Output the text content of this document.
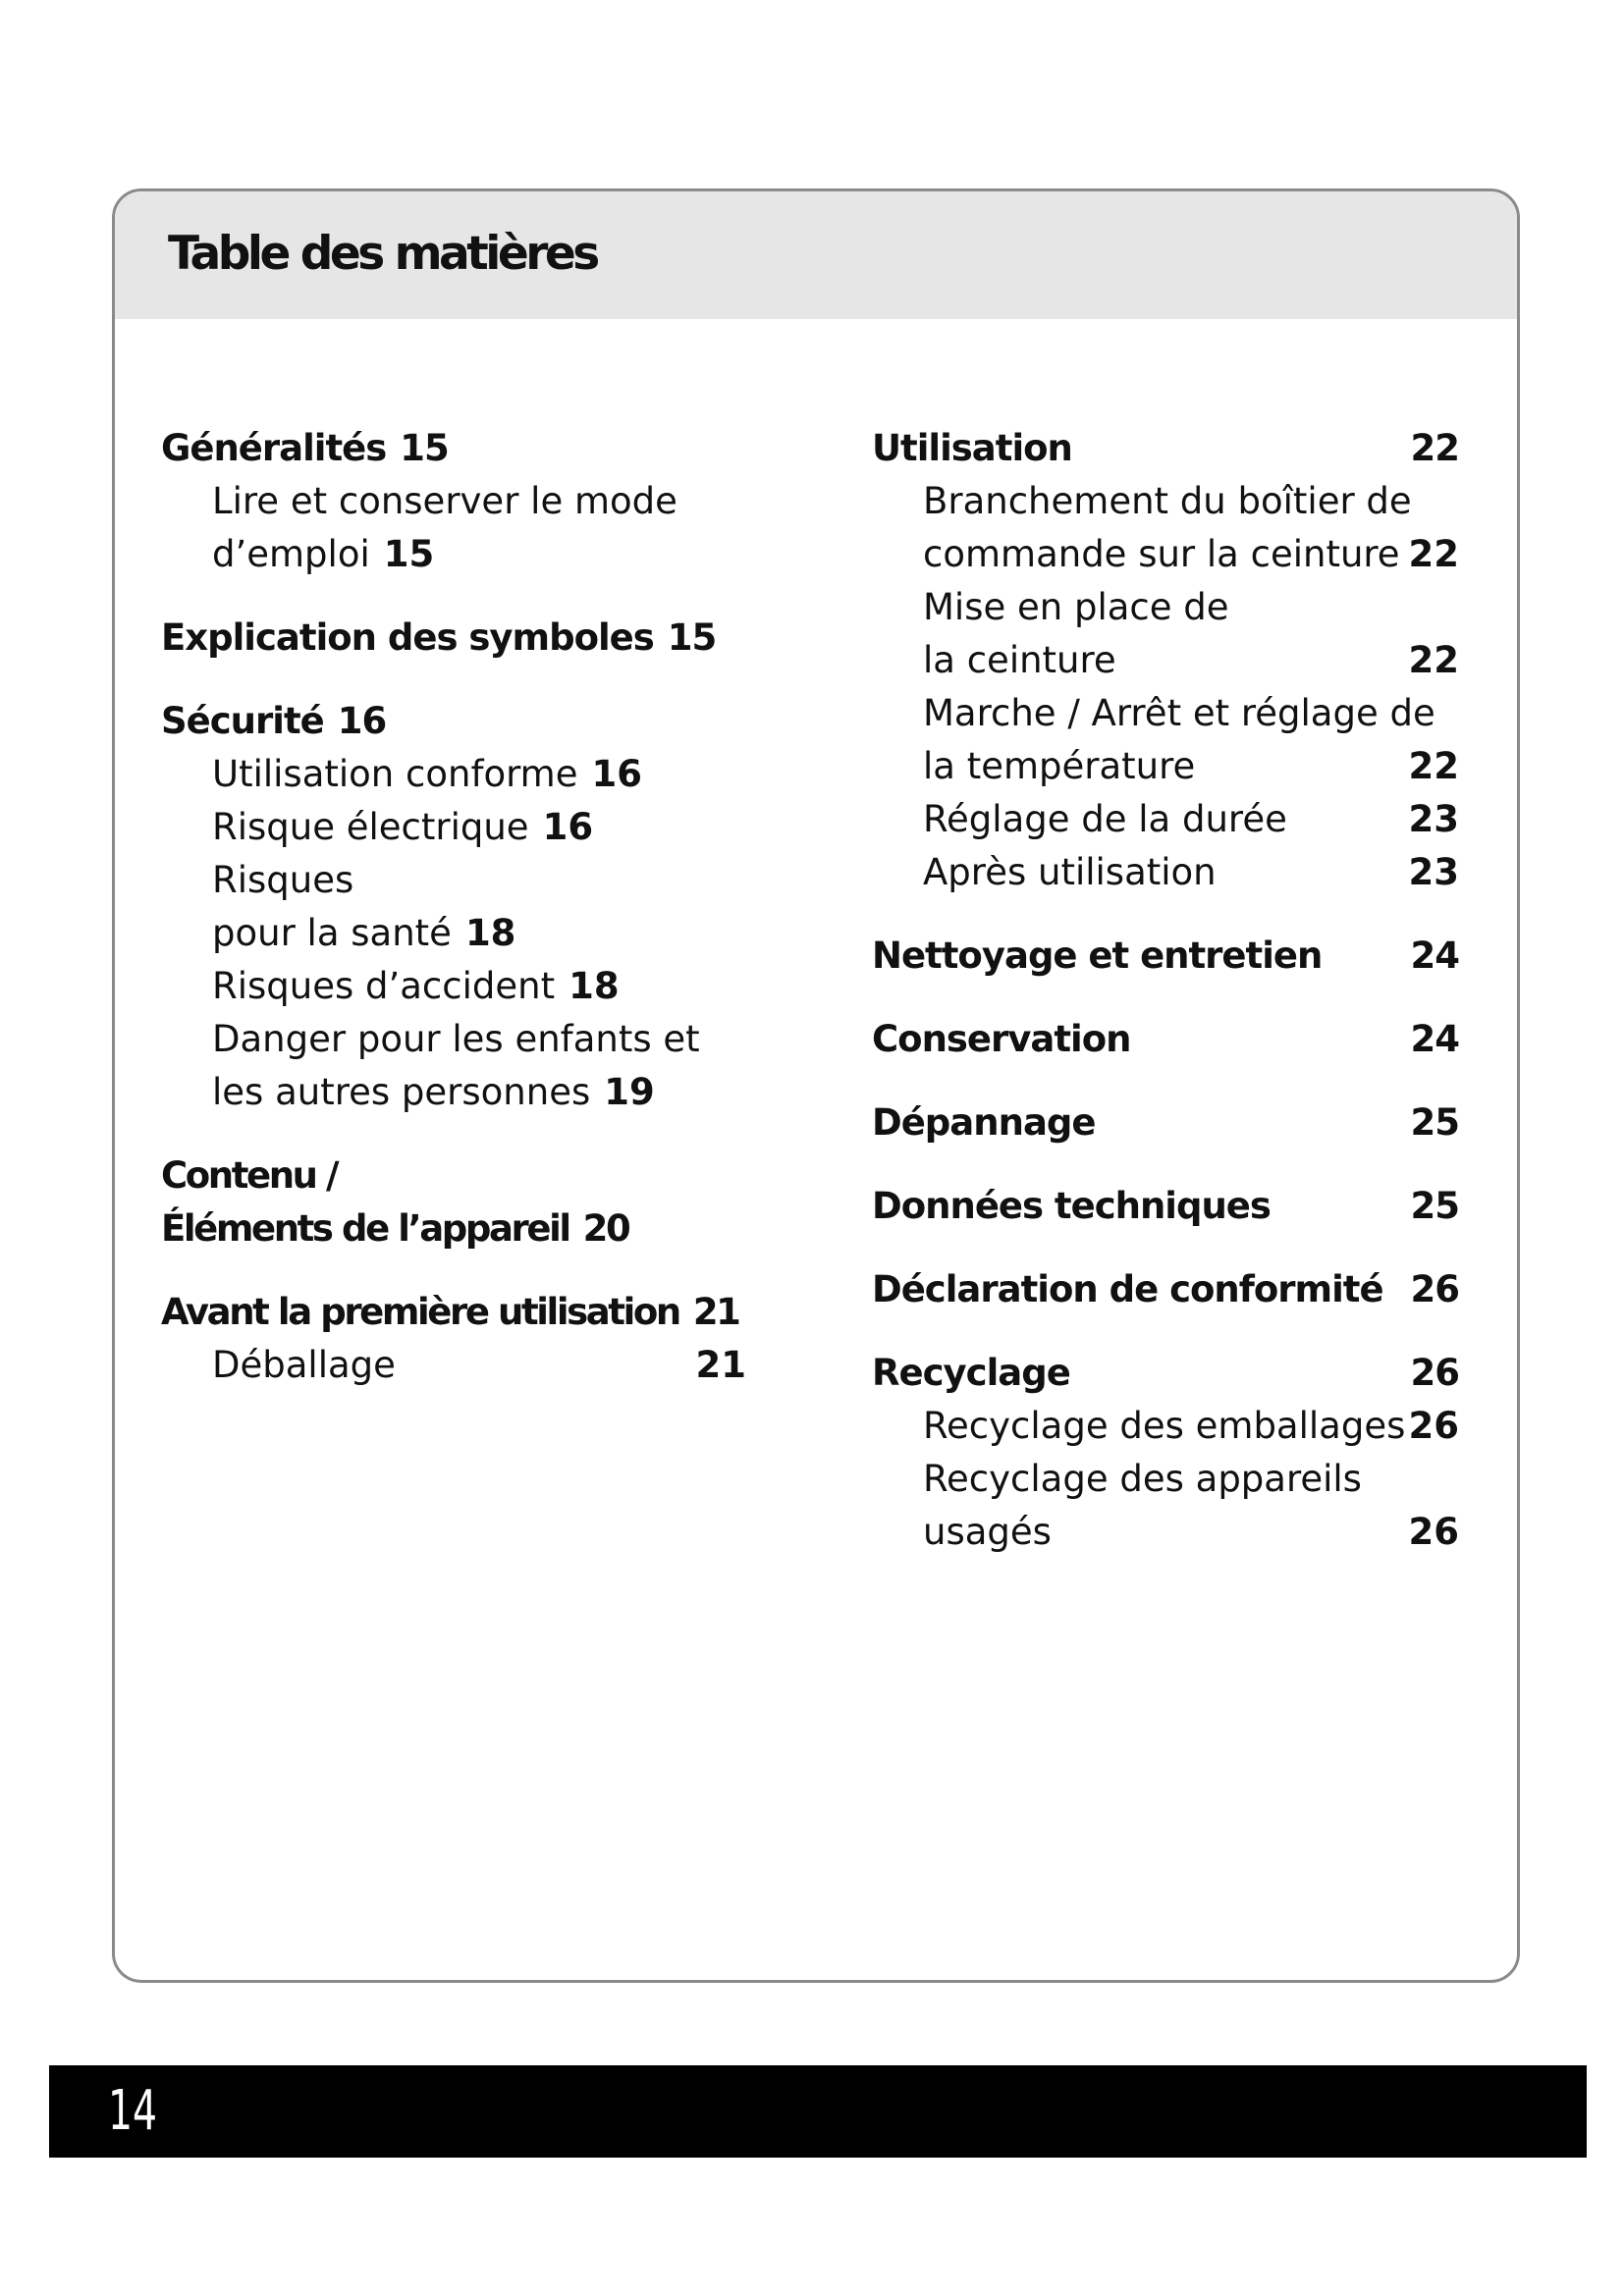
Table des matières
Généralités 15
Lire et conserver le mode
d’emploi 15
Explication des symboles 15
Sécurité 16
Utilisation conforme 16
Risque électrique 16
Risques
pour la santé 18
Risques d’accident 18
Danger pour les enfants et
les autres personnes 19
Contenu /
Éléments de l’appareil 20
Avant la première utilisation 21
Déballage	21
Utilisation	22
Branchement du boîtier de
commande sur la ceinture 22
Mise en place de
la ceinture	22
Marche / Arrêt et réglage de
la température	22
Réglage de la durée	23
Après utilisation	23
Nettoyage et entretien 24
Conservation	24
Dépannage	25
Données techniques	25
Déclaration de conformité 26
Recyclage	26
Recyclage des emballages 26
Recyclage des appareils
usagés	26
14
